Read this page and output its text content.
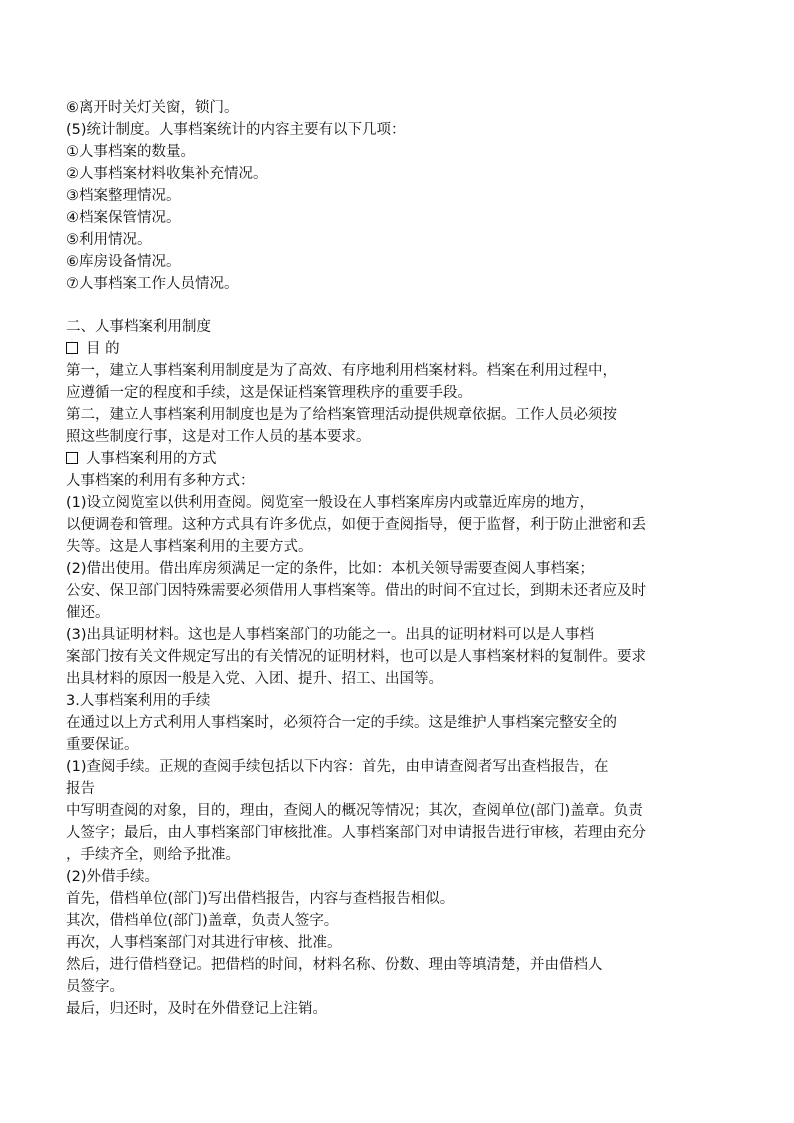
⑥离开时关灯关窗，锁门。
(5)统计制度。人事档案统计的内容主要有以下几项：
①人事档案的数量。
②人事档案材料收集补充情况。
③档案整理情况。
④档案保管情况。
⑤利用情况。
⑥库房设备情况。
⑦人事档案工作人员情况。
二、人事档案利用制度
目 的
第一，建立人事档案利用制度是为了高效、有序地利用档案材料。档案在利用过程中，
应遵循一定的程度和手续，这是保证档案管理秩序的重要手段。
第二，建立人事档案利用制度也是为了给档案管理活动提供规章依据。工作人员必须按
照这些制度行事，这是对工作人员的基本要求。
人事档案利用的方式
人事档案的利用有多种方式：
(1)设立阅览室以供利用查阅。阅览室一般设在人事档案库房内或靠近库房的地方，
以便调卷和管理。这种方式具有许多优点，如便于查阅指导，便于监督，利于防止泄密和丢
失等。这是人事档案利用的主要方式。
(2)借出使用。借出库房须满足一定的条件，比如：本机关领导需要查阅人事档案；
公安、保卫部门因特殊需要必须借用人事档案等。借出的时间不宜过长，到期未还者应及时
催还。
(3)出具证明材料。这也是人事档案部门的功能之一。出具的证明材料可以是人事档
案部门按有关文件规定写出的有关情况的证明材料，也可以是人事档案材料的复制件。要求
出具材料的原因一般是入党、入团、提升、招工、出国等。
3.人事档案利用的手续
在通过以上方式利用人事档案时，必须符合一定的手续。这是维护人事档案完整安全的
重要保证。
(1)查阅手续。正规的查阅手续包括以下内容：首先，由申请查阅者写出查档报告，在
报告
中写明查阅的对象，目的，理由，查阅人的概况等情况；其次，查阅单位(部门)盖章。负责
人签字；最后，由人事档案部门审核批准。人事档案部门对申请报告进行审核，若理由充分
，手续齐全，则给予批准。
(2)外借手续。
首先，借档单位(部门)写出借档报告，内容与查档报告相似。
其次，借档单位(部门)盖章，负责人签字。
再次，人事档案部门对其进行审核、批准。
然后，进行借档登记。把借档的时间，材料名称、份数、理由等填清楚，并由借档人
员签字。
最后，归还时，及时在外借登记上注销。
